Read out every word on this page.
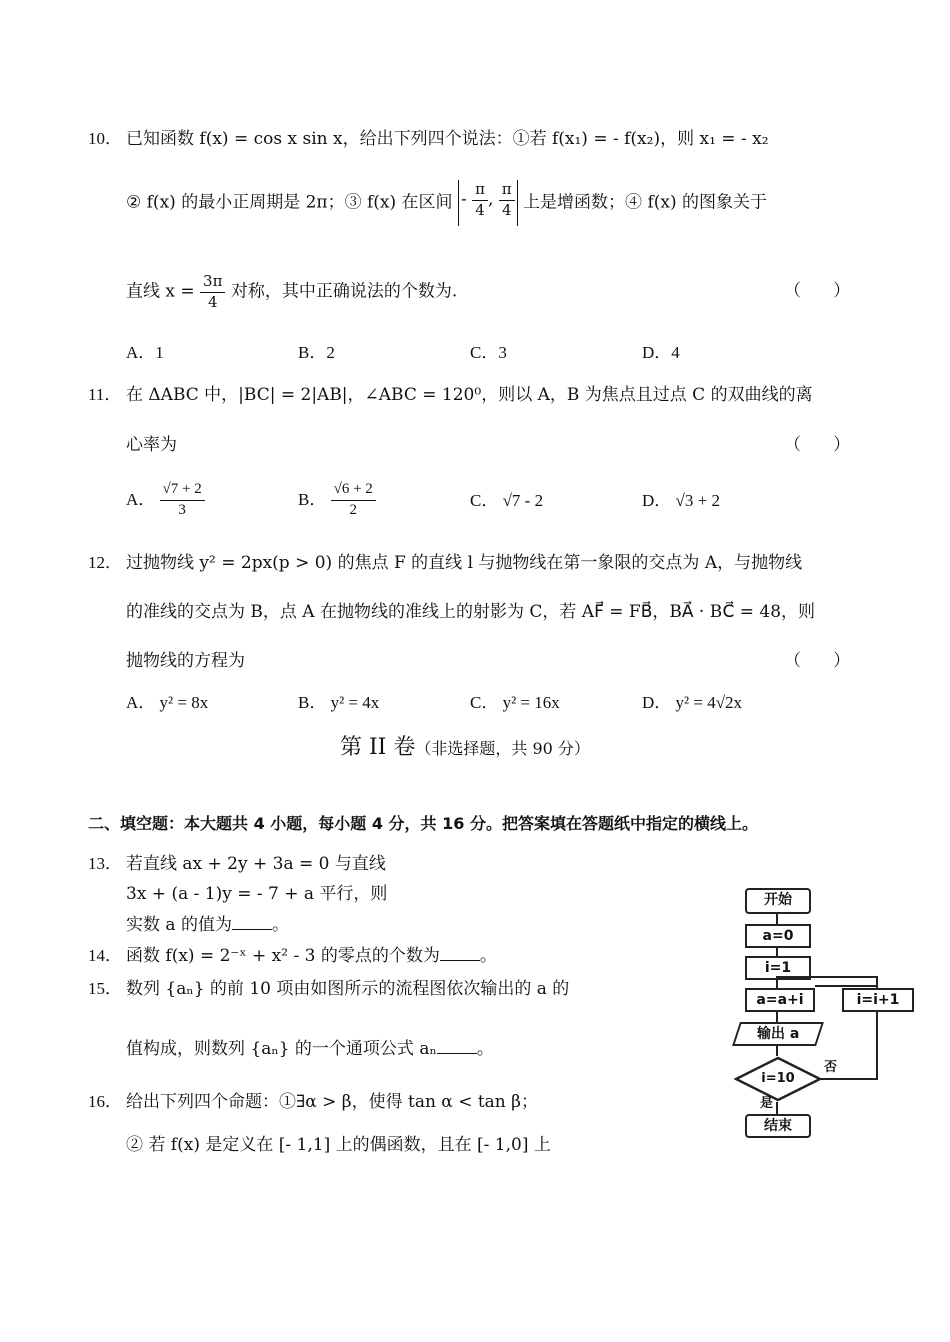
10． 已知函数 f(x) = cos x sin x，给出下列四个说法：①若 f(x₁) = - f(x₂)，则 x₁ = - x₂
② f(x) 的最小正周期是 2π；③ f(x) 在区间 - $\frac{\pi}{4}$ , $\frac{\pi}{4}$ 上是增函数；④ f(x) 的图象关于
直线 $x = \frac{3\pi}{4}$ 对称，其中正确说法的个数为.	（ ）
A．1	B．2	C．3	D．4
11． 在 ΔABC 中，|BC| = 2|AB|，∠ABC = 120⁰，则以 A，B 为焦点且过点 C 的双曲线的离
心率为	（ ）
A． $\frac{√7 + 2}{3}$	B． $\frac{√6 + 2}{2}$	C． √7 - 2	D． √3 + 2
12． 过抛物线 y² = 2px(p > 0) 的焦点 F 的直线 l 与抛物线在第一象限的交点为 A，与抛物线
的准线的交点为 B，点 A 在抛物线的准线上的射影为 C，若 AF⃗ = FB⃗，BA⃗ · BC⃗ = 48，则
抛物线的方程为	（ ）
A． y² = 8x	B． y² = 4x	C． y² = 16x	D． y² = 4√2x
第 II 卷（非选择题，共 90 分）
二、填空题：本大题共 4 小题，每小题 4 分，共 16 分。把答案填在答题纸中指定的横线上。
13． 若直线 ax + 2y + 3a = 0 与直线
3x + (a - 1)y = - 7 + a 平行，则
实数 a 的值为 。
14． 函数 f(x) = 2⁻ˣ + x² - 3 的零点的个数为 。
15． 数列 {aₙ} 的前 10 项由如图所示的流程图依次输出的 a 的
值构成，则数列 {aₙ} 的一个通项公式 aₙ 。
16． 给出下列四个命题：①∃α > β，使得 tan α < tan β；
② 若 f(x) 是定义在 [- 1,1] 上的偶函数，且在 [- 1,0] 上
开始
a=0
i=1
a=a+i	i=i+1
输出 a
i=10
否
是
结束
